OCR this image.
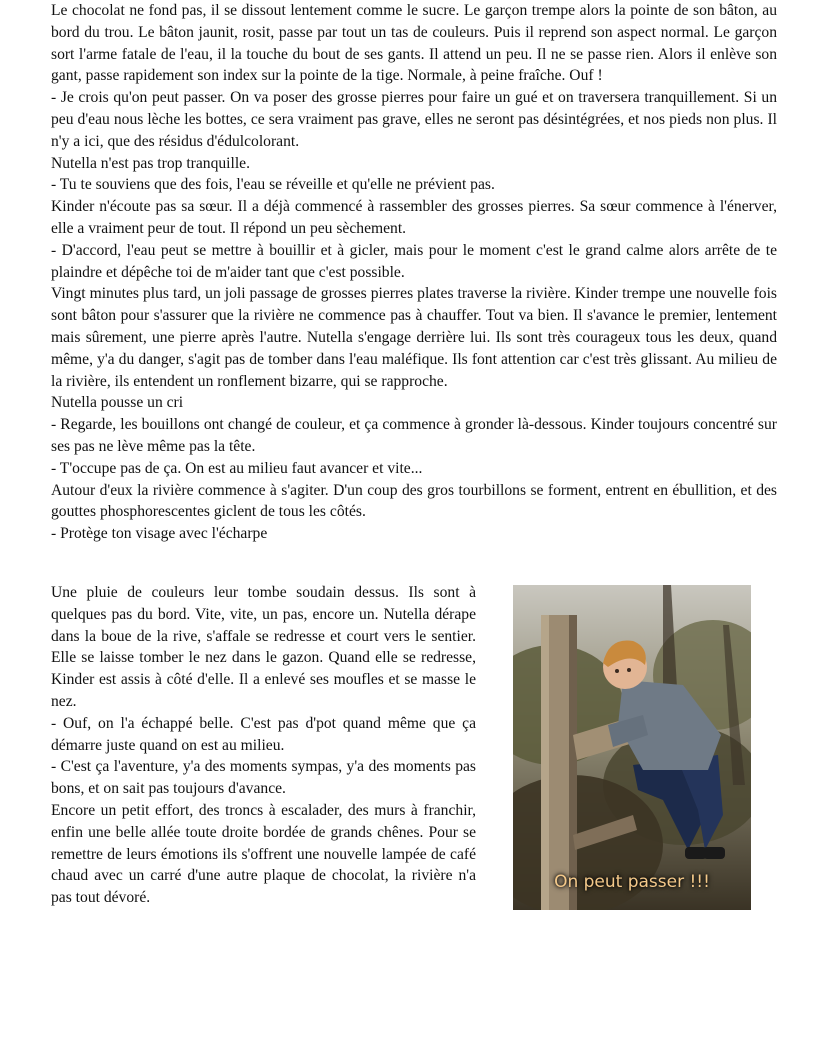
Le chocolat ne fond pas, il se dissout lentement comme le sucre. Le garçon trempe alors la pointe de son bâton, au bord du trou. Le bâton jaunit, rosit, passe par tout un tas de couleurs. Puis il reprend son aspect normal. Le garçon sort l'arme fatale de l'eau, il la touche du bout de ses gants. Il attend un peu. Il ne se passe rien. Alors il enlève son gant, passe rapidement son index sur la pointe de la tige. Normale, à peine fraîche. Ouf !

- Je crois qu'on peut passer. On va poser des grosse pierres pour faire un gué et on traversera tranquillement. Si un peu d'eau nous lèche les bottes, ce sera vraiment pas grave, elles ne seront pas désintégrées, et nos pieds non plus. Il n'y a ici, que des résidus d'édulcolorant.

Nutella n'est pas trop tranquille.

- Tu te souviens que des fois, l'eau se réveille et qu'elle ne prévient pas.

Kinder n'écoute pas sa sœur. Il a déjà commencé à rassembler des grosses pierres. Sa sœur commence à l'énerver, elle a vraiment peur de tout. Il répond un peu sèchement.

- D'accord, l'eau peut se mettre à bouillir et à gicler, mais pour le moment c'est le grand calme alors arrête de te plaindre et dépêche toi de m'aider tant que c'est possible.

Vingt minutes plus tard, un joli passage de grosses pierres plates traverse la rivière. Kinder trempe une nouvelle fois sont bâton pour s'assurer que la rivière ne commence pas à chauffer. Tout va bien. Il s'avance le premier, lentement mais sûrement, une pierre après l'autre. Nutella s'engage derrière lui. Ils sont très courageux tous les deux, quand même, y'a du danger, s'agit pas de tomber dans l'eau maléfique. Ils font attention car c'est très glissant. Au milieu de la rivière, ils entendent un ronflement bizarre, qui se rapproche.

Nutella pousse un cri

- Regarde, les bouillons ont changé de couleur, et ça commence à gronder là-dessous. Kinder toujours concentré sur ses pas ne lève même pas la tête.

- T'occupe pas de ça. On est au milieu faut avancer et vite...

Autour d'eux la rivière commence à s'agiter. D'un coup des gros tourbillons se forment, entrent en ébullition, et des gouttes phosphorescentes giclent de tous les côtés.

- Protège ton visage avec l'écharpe

Une pluie de couleurs leur tombe soudain dessus. Ils sont à quelques pas du bord. Vite, vite, un pas, encore un. Nutella dérape dans la boue de la rive, s'affale se redresse et court vers le sentier. Elle se laisse tomber le nez dans le gazon. Quand elle se redresse, Kinder est assis à côté d'elle. Il a enlevé ses moufles et se masse le nez.

- Ouf, on l'a échappé belle. C'est pas d'pot quand même que ça démarre juste quand on est au milieu.

- C'est ça l'aventure, y'a des moments sympas, y'a des moments pas bons, et on sait pas toujours d'avance.

Encore un petit effort, des troncs à escalader, des murs à franchir, enfin une belle allée toute droite bordée de grands chênes. Pour se remettre de leurs émotions ils s'offrent une nouvelle lampée de café chaud avec un carré d'une autre plaque de chocolat, la rivière n'a pas tout dévoré.

On peut passer !!!
